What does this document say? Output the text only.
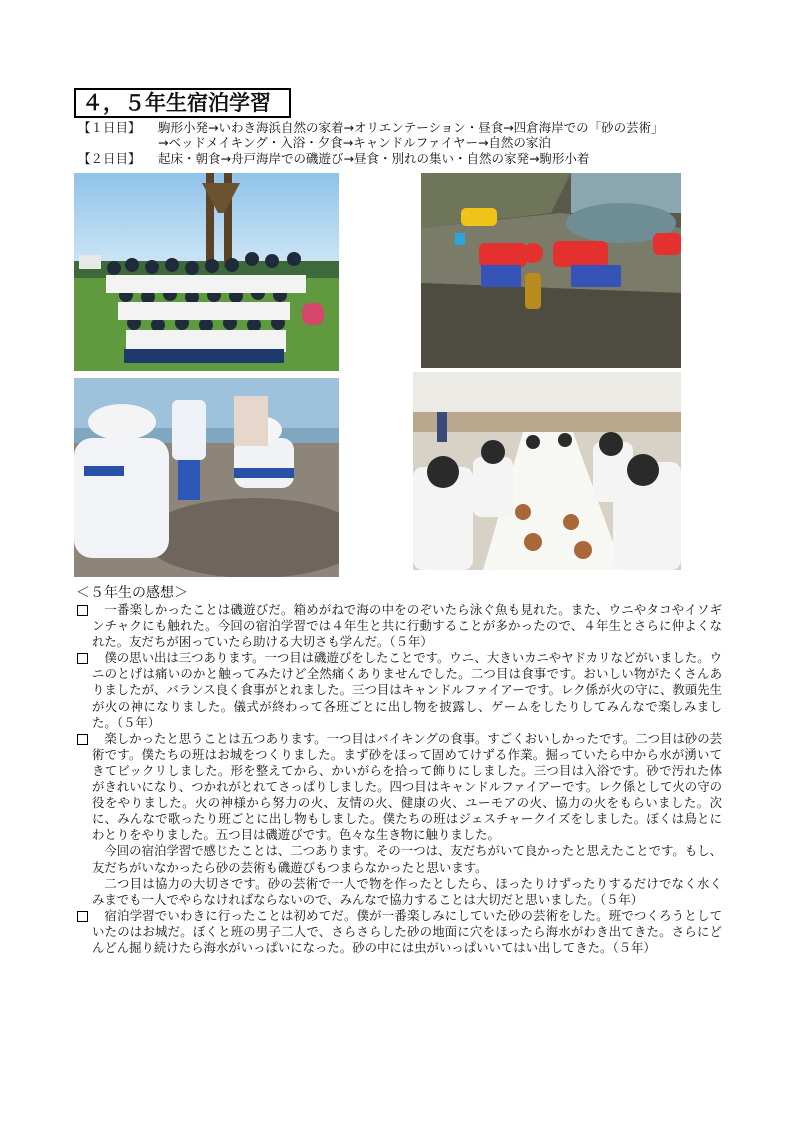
４，５年生宿泊学習
【１日目】 駒形小発→いわき海浜自然の家着→オリエンテーション・昼食→四倉海岸での「砂の芸術」
→ベッドメイキング・入浴・夕食→キャンドルファイヤー→自然の家泊
【２日目】 起床・朝食→舟戸海岸での磯遊び→昼食・別れの集い・自然の家発→駒形小着
＜５年生の感想＞

一番楽しかったことは磯遊びだ。箱めがねで海の中をのぞいたら泳ぐ魚も見れた。また、ウニやタコやイソギンチャクにも触れた。今回の宿泊学習では４年生と共に行動することが多かったので、４年生とさらに仲よくなれた。友だちが困っていたら助ける大切さも学んだ。（５年）

僕の思い出は三つあります。一つ目は磯遊びをしたことです。ウニ、大きいカニやヤドカリなどがいました。ウニのとげは痛いのかと触ってみたけど全然痛くありませんでした。二つ目は食事です。おいしい物がたくさんありましたが、バランス良く食事がとれました。三つ目はキャンドルファイアーです。レク係が火の守に、教頭先生が火の神になりました。儀式が終わって各班ごとに出し物を披露し、ゲームをしたりしてみんなで楽しみました。（５年）

楽しかったと思うことは五つあります。一つ目はバイキングの食事。すごくおいしかったです。二つ目は砂の芸術です。僕たちの班はお城をつくりました。まず砂をほって固めてけずる作業。掘っていたら中から水が湧いてきてビックリしました。形を整えてから、かいがらを拾って飾りにしました。三つ目は入浴です。砂で汚れた体がきれいになり、つかれがとれてさっぱりしました。四つ目はキャンドルファイアーです。レク係として火の守の役をやりました。火の神様から努力の火、友情の火、健康の火、ユーモアの火、協力の火をもらいました。次に、みんなで歌ったり班ごとに出し物もしました。僕たちの班はジェスチャークイズをしました。ぼくは鳥とにわとりをやりました。五つ目は磯遊びです。色々な生き物に触りました。

今回の宿泊学習で感じたことは、二つあります。その一つは、友だちがいて良かったと思えたことです。もし、友だちがいなかったら砂の芸術も磯遊びもつまらなかったと思います。

二つ目は協力の大切さです。砂の芸術で一人で物を作ったとしたら、ほったりけずったりするだけでなく水くみまでも一人でやらなければならないので、みんなで協力することは大切だと思いました。（５年）

宿泊学習でいわきに行ったことは初めてだ。僕が一番楽しみにしていた砂の芸術をした。班でつくろうとしていたのはお城だ。ぼくと班の男子二人で、さらさらした砂の地面に穴をほったら海水がわき出てきた。さらにどんどん掘り続けたら海水がいっぱいになった。砂の中には虫がいっぱいいてはい出してきた。（５年）
